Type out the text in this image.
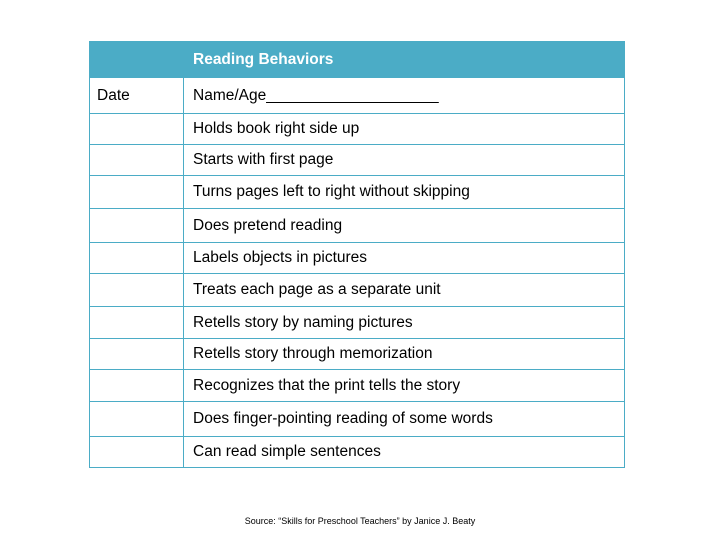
	Reading Behaviors
Date	Name/Age____________________
	Holds book right side up
	Starts with first page
	Turns pages left to right without skipping
	Does pretend reading
	Labels objects in pictures
	Treats each page as a separate unit
	Retells story by naming pictures
	Retells story through memorization
	Recognizes that the print tells the story
	Does finger-pointing reading of some words
	Can read simple sentences
Source: “Skills for Preschool Teachers” by Janice J. Beaty
